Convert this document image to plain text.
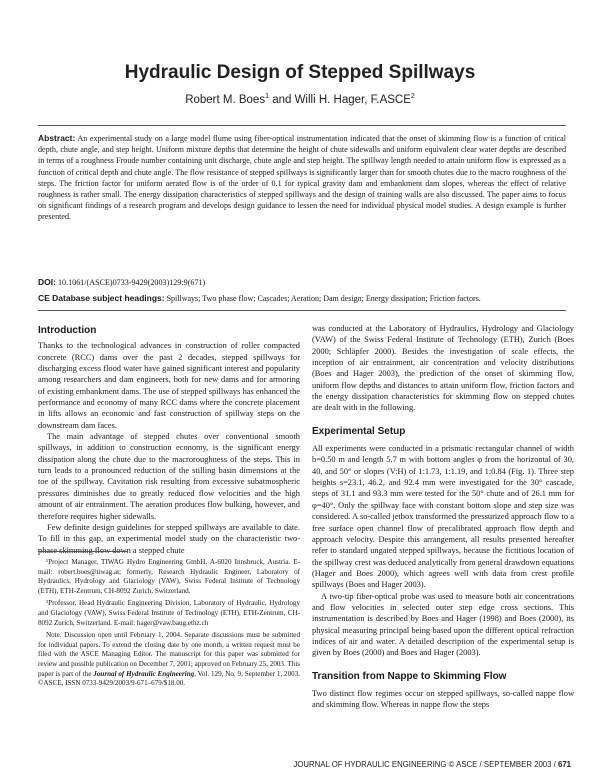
Hydraulic Design of Stepped Spillways
Robert M. Boes$^1$ and Willi H. Hager, F.ASCE$^2$
Abstract: An experimental study on a large model flume using fiber-optical instrumentation indicated that the onset of skimming flow is a function of critical depth, chute angle, and step height. Uniform mixture depths that determine the height of chute sidewalls and uniform equivalent clear water depths are described in terms of a roughness Froude number containing unit discharge, chute angle and step height. The spillway length needed to attain uniform flow is expressed as a function of critical depth and chute angle. The flow resistance of stepped spillways is significantly larger than for smooth chutes due to the macro roughness of the steps. The friction factor for uniform aerated flow is of the order of 0.1 for typical gravity dam and embankment dam slopes, whereas the effect of relative roughness is rather small. The energy dissipation characteristics of stepped spillways and the design of training walls are also discussed. The paper aims to focus on significant findings of a research program and develops design guidance to lessen the need for individual physical model studies. A design example is further presented.
DOI: 10.1061/(ASCE)0733-9429(2003)129:9(671)
CE Database subject headings: Spillways; Two phase flow; Cascades; Aeration; Dam design; Energy dissipation; Friction factors.
Introduction

Thanks to the technological advances in construction of roller compacted concrete (RCC) dams over the past 2 decades, stepped spillways for discharging excess flood water have gained significant interest and popularity among researchers and dam engineers, both for new dams and for armoring of existing embankment dams. The use of stepped spillways has enhanced the performance and economy of many RCC dams where the concrete placement in lifts allows an economic and fast construction of spillway steps on the downstream dam faces.

The main advantage of stepped chutes over conventional smooth spillways, in addition to construction economy, is the significant energy dissipation along the chute due to the macroroughness of the steps. This in turn leads to a pronounced reduction of the stilling basin dimensions at the toe of the spillway. Cavitation risk resulting from excessive subatmospheric pressures diminishes due to greatly reduced flow velocities and the high amount of air entrainment. The aeration produces flow bulking, however, and therefore requires higher sidewalls.

Few definite design guidelines for stepped spillways are available to date. To fill in this gap, an experimental model study on the characteristic two-phase skimming flow down a stepped chute

¹Project Manager, TIWAG Hydro Engineering GmbH, A-6020 Innsbruck, Austria. E-mail: robert.boes@tiwag.at; formerly, Research Hydraulic Engineer, Laboratory of Hydraulics, Hydrology and Glaciology (VAW), Swiss Federal Institute of Technology (ETH), ETH-Zentrum, CH-8092 Zurich, Switzerland.

²Professor, Head Hydraulic Engineering Division, Laboratory of Hydraulic, Hydrology and Glaciology (VAW), Swiss Federal Institute of Technology (ETH), ETH-Zentrum, CH-8092 Zurich, Switzerland. E-mail: hager@vaw.baug.ethz.ch

Note. Discussion open until February 1, 2004. Separate discussions must be submitted for individual papers. To extend the closing date by one month, a written request must be filed with the ASCE Managing Editor. The manuscript for this paper was submitted for review and possible publication on December 7, 2001; approved on February 25, 2003. This paper is part of the Journal of Hydraulic Engineering, Vol. 129, No. 9, September 1, 2003. ©ASCE, ISSN 0733-9429/2003/9-671–679/$18.00.

was conducted at the Laboratory of Hydraulics, Hydrology and Glaciology (VAW) of the Swiss Federal Institute of Technology (ETH), Zurich (Boes 2000; Schläpfer 2000). Besides the investigation of scale effects, the inception of air entrainment, air concentration and velocity distributions (Boes and Hager 2003), the prediction of the onset of skimming flow, uniform flow depths and distances to attain uniform flow, friction factors and the energy dissipation characteristics for skimming flow on stepped chutes are dealt with in the following.

Experimental Setup

All experiments were conducted in a prismatic rectangular channel of width b=0.50 m and length 5.7 m with bottom angles φ from the horizontal of 30, 40, and 50° or slopes (V:H) of 1:1.73, 1:1.19, and 1:0.84 (Fig. 1). Three step heights s=23.1, 46.2, and 92.4 mm were investigated for the 30° cascade, steps of 31.1 and 93.3 mm were tested for the 50° chute and of 26.1 mm for φ=40°. Only the spillway face with constant bottom slope and step size was considered. A so-called jetbox transformed the pressurized approach flow to a free surface open channel flow of precalibrated approach flow depth and approach velocity. Despite this arrangement, all results presented hereafter refer to standard ungated stepped spillways, because the fictitious location of the spillway crest was deduced analytically from general drawdown equations (Hager and Boes 2000), which agrees well with data from crest profile spillways (Boes and Hager 2003).

A two-tip fiber-optical probe was used to measure both air concentrations and flow velocities in selected outer step edge cross sections. This instrumentation is described by Boes and Hager (1998) and Boes (2000), its physical measuring principal being based upon the different optical refraction indices of air and water. A detailed description of the experimental setup is given by Boes (2000) and Boes and Hager (2003).

Transition from Nappe to Skimming Flow

Two distinct flow regimes occur on stepped spillways, so-called nappe flow and skimming flow. Whereas in nappe flow the steps

JOURNAL OF HYDRAULIC ENGINEERING © ASCE / SEPTEMBER 2003 / 671
